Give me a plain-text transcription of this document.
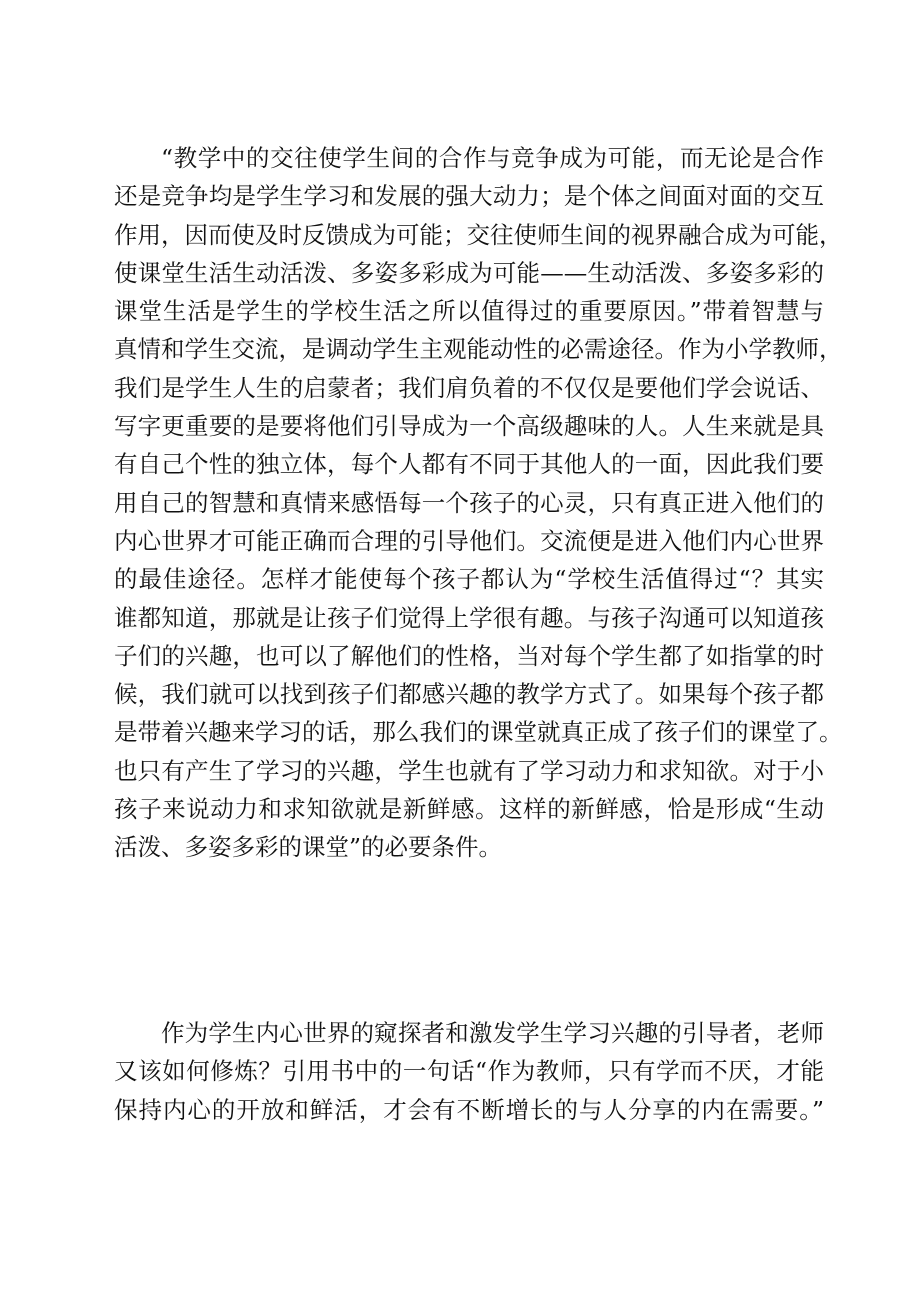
“教学中的交往使学生间的合作与竞争成为可能，而无论是合作
还是竞争均是学生学习和发展的强大动力；是个体之间面对面的交互
作用，因而使及时反馈成为可能；交往使师生间的视界融合成为可能，
使课堂生活生动活泼、多姿多彩成为可能——生动活泼、多姿多彩的
课堂生活是学生的学校生活之所以值得过的重要原因。”带着智慧与
真情和学生交流，是调动学生主观能动性的必需途径。作为小学教师，
我们是学生人生的启蒙者；我们肩负着的不仅仅是要他们学会说话、
写字更重要的是要将他们引导成为一个高级趣味的人。人生来就是具
有自己个性的独立体，每个人都有不同于其他人的一面，因此我们要
用自己的智慧和真情来感悟每一个孩子的心灵，只有真正进入他们的
内心世界才可能正确而合理的引导他们。交流便是进入他们内心世界
的最佳途径。怎样才能使每个孩子都认为“学校生活值得过“？其实
谁都知道，那就是让孩子们觉得上学很有趣。与孩子沟通可以知道孩
子们的兴趣，也可以了解他们的性格，当对每个学生都了如指掌的时
候，我们就可以找到孩子们都感兴趣的教学方式了。如果每个孩子都
是带着兴趣来学习的话，那么我们的课堂就真正成了孩子们的课堂了。
也只有产生了学习的兴趣，学生也就有了学习动力和求知欲。对于小
孩子来说动力和求知欲就是新鲜感。这样的新鲜感，恰是形成“生动
活泼、多姿多彩的课堂”的必要条件。
作为学生内心世界的窥探者和激发学生学习兴趣的引导者，老师
又该如何修炼？引用书中的一句话“作为教师，只有学而不厌，才能
保持内心的开放和鲜活，才会有不断增长的与人分享的内在需要。”
